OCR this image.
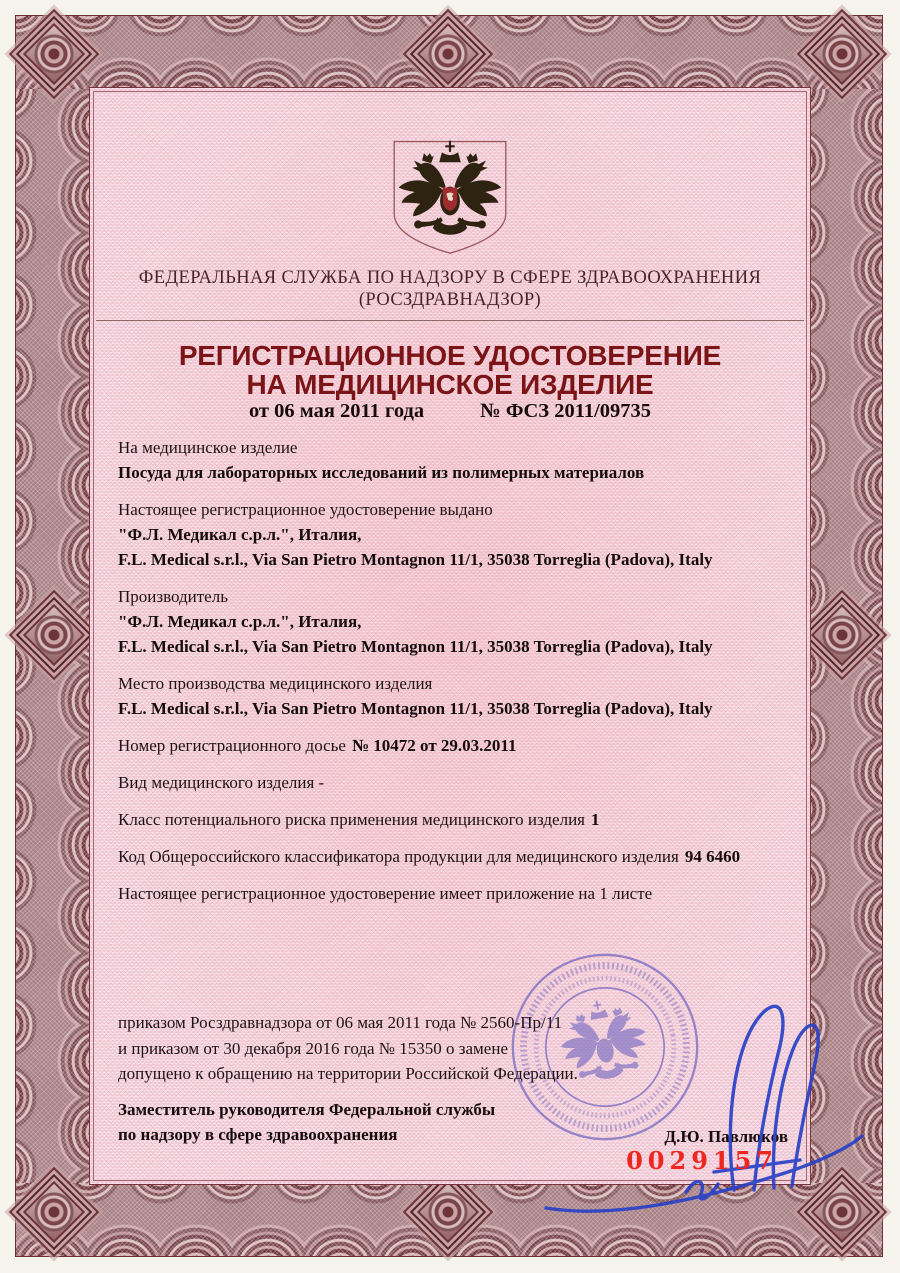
ФЕДЕРАЛЬНАЯ СЛУЖБА ПО НАДЗОРУ В СФЕРЕ ЗДРАВООХРАНЕНИЯ
(РОСЗДРАВНАДЗОР)
РЕГИСТРАЦИОННОЕ УДОСТОВЕРЕНИЕ
НА МЕДИЦИНСКОЕ ИЗДЕЛИЕ
от 06 мая 2011 года	№ ФСЗ 2011/09735
На медицинское изделие
Посуда для лабораторных исследований из полимерных материалов
Настоящее регистрационное удостоверение выдано
"Ф.Л. Медикал с.р.л.", Италия,
F.L. Medical s.r.l., Via San Pietro Montagnon 11/1, 35038 Torreglia (Padova), Italy
Производитель
"Ф.Л. Медикал с.р.л.", Италия,
F.L. Medical s.r.l., Via San Pietro Montagnon 11/1, 35038 Torreglia (Padova), Italy
Место производства медицинского изделия
F.L. Medical s.r.l., Via San Pietro Montagnon 11/1, 35038 Torreglia (Padova), Italy
Номер регистрационного досье № 10472 от 29.03.2011
Вид медицинского изделия -
Класс потенциального риска применения медицинского изделия 1
Код Общероссийского классификатора продукции для медицинского изделия 94 6460
Настоящее регистрационное удостоверение имеет приложение на 1 листе
приказом Росздравнадзора от 06 мая 2011 года № 2560-Пр/11
и приказом от 30 декабря 2016 года № 15350 о замене
допущено к обращению на территории Российской Федерации.
Заместитель руководителя Федеральной службы
по надзору в сфере здравоохранения	Д.Ю. Павлюков
0029157
